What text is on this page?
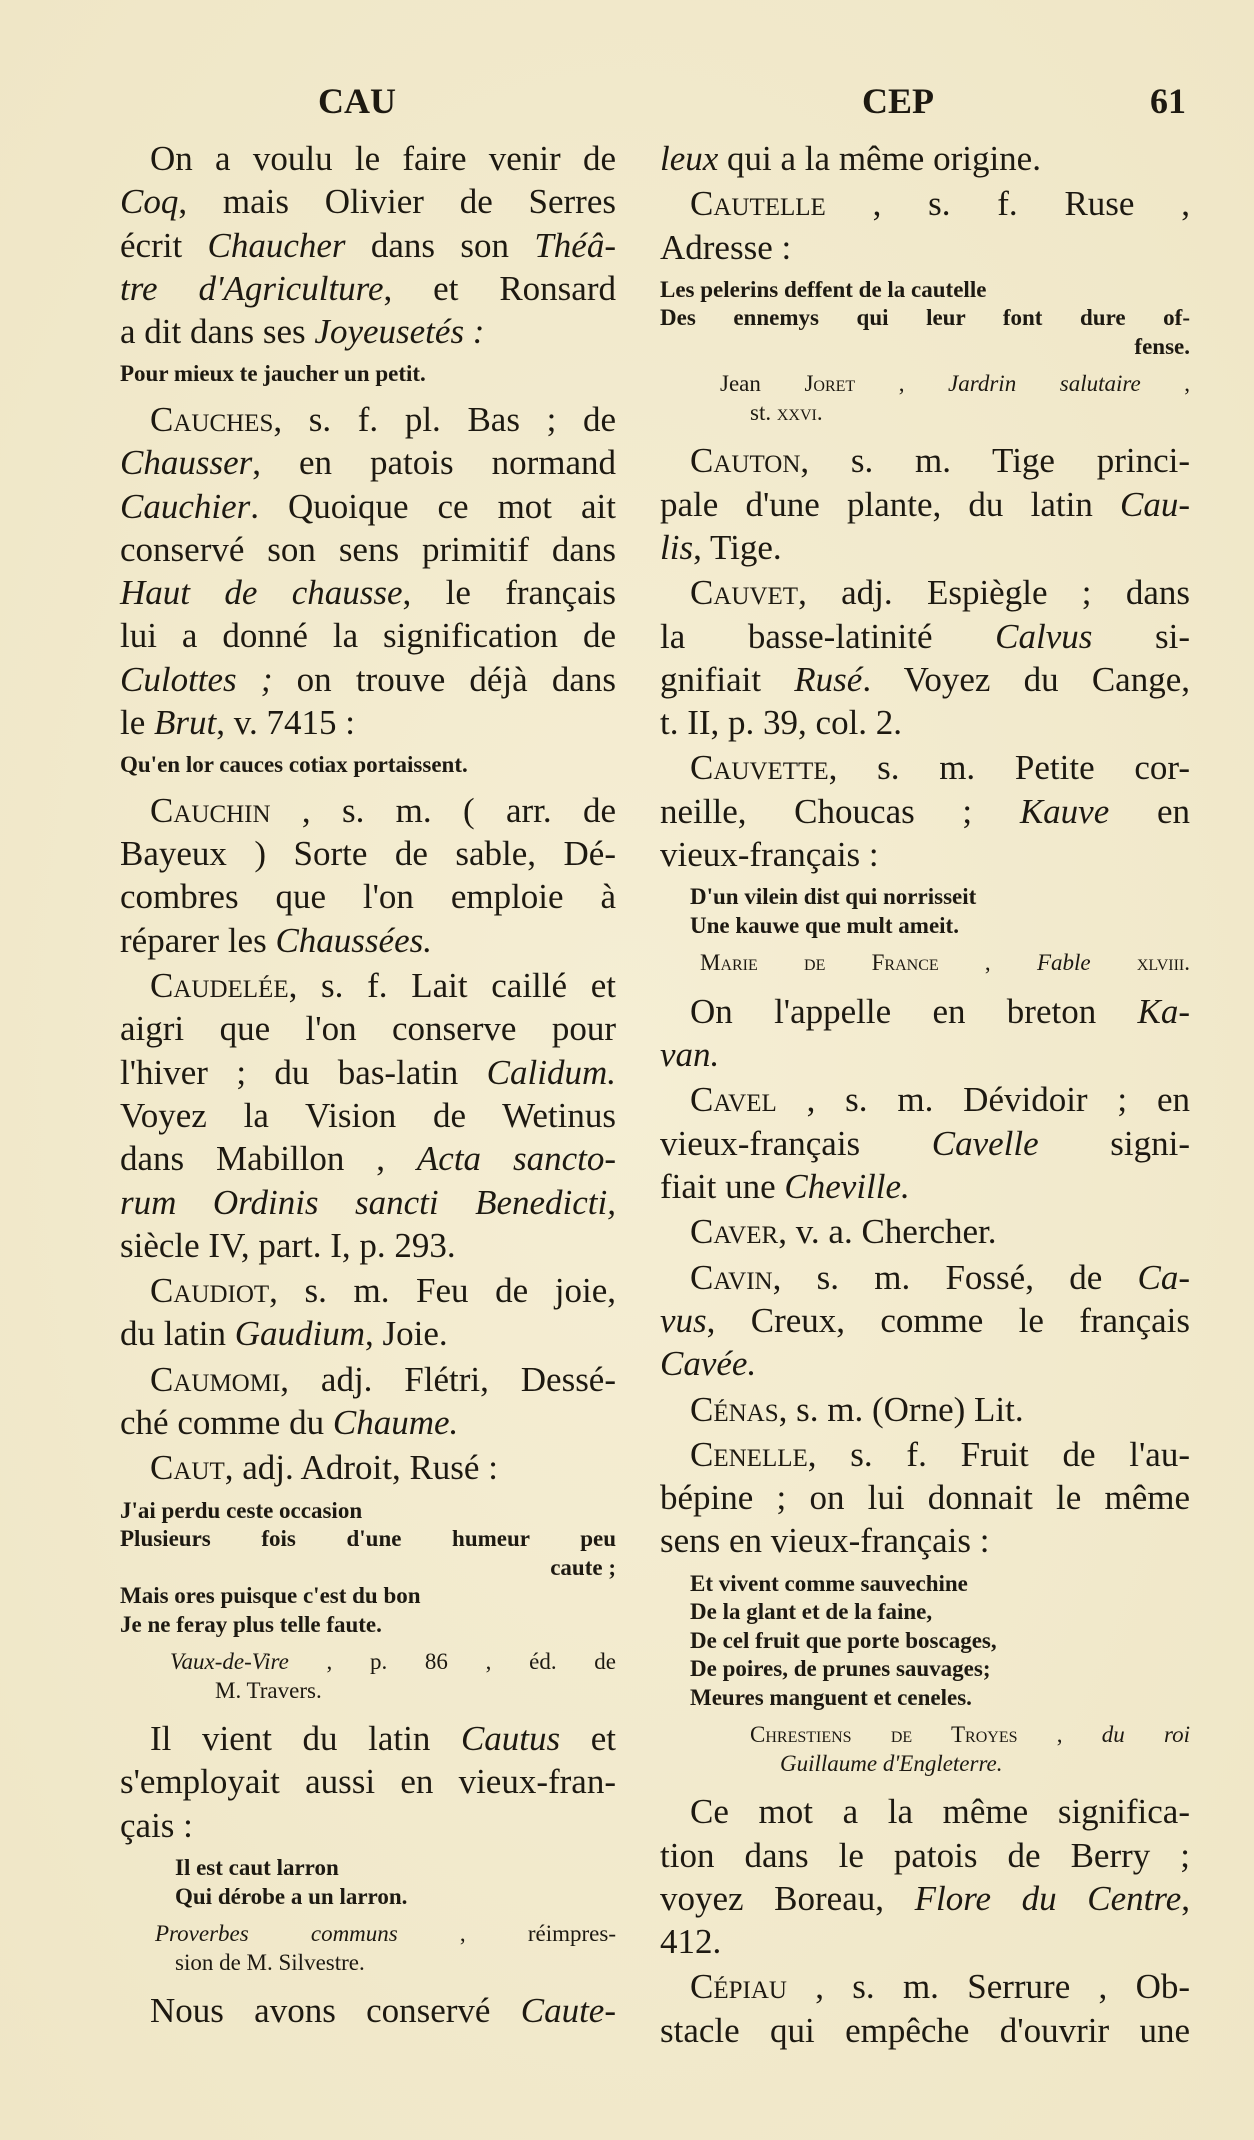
CAU	CEP	61
On a voulu le faire venir de
Coq, mais Olivier de Serres
écrit Chaucher dans son Théâ-
tre d'Agriculture, et Ronsard
a dit dans ses Joyeusetés :
Pour mieux te jaucher un petit.
Cauches, s. f. pl. Bas ; de
Chausser, en patois normand
Cauchier. Quoique ce mot ait
conservé son sens primitif dans
Haut de chausse, le français
lui a donné la signification de
Culottes ; on trouve déjà dans
le Brut, v. 7415 :
Qu'en lor cauces cotiax portaissent.
Cauchin , s. m. ( arr. de
Bayeux ) Sorte de sable, Dé-
combres que l'on emploie à
réparer les Chaussées.
Caudelée, s. f. Lait caillé et
aigri que l'on conserve pour
l'hiver ; du bas-latin Calidum.
Voyez la Vision de Wetinus
dans Mabillon , Acta sancto-
rum Ordinis sancti Benedicti,
siècle IV, part. I, p. 293.
Caudiot, s. m. Feu de joie,
du latin Gaudium, Joie.
Caumomi, adj. Flétri, Dessé-
ché comme du Chaume.
Caut, adj. Adroit, Rusé :
J'ai perdu ceste occasion
Plusieurs fois d'une humeur peu
caute ;
Mais ores puisque c'est du bon
Je ne feray plus telle faute.
Vaux-de-Vire , p. 86 , éd. de
M. Travers.
Il vient du latin Cautus et
s'employait aussi en vieux-fran-
çais :
Il est caut larron
Qui dérobe a un larron.
Proverbes communs , réimpres-
sion de M. Silvestre.
Nous avons conservé Caute-
leux qui a la même origine.
Cautelle , s. f. Ruse ,
Adresse :
Les pelerins deffent de la cautelle
Des ennemys qui leur font dure of-
fense.
Jean Joret , Jardrin salutaire ,
st. xxvi.
Cauton, s. m. Tige princi-
pale d'une plante, du latin Cau-
lis, Tige.
Cauvet, adj. Espiègle ; dans
la basse-latinité Calvus si-
gnifiait Rusé. Voyez du Cange,
t. II, p. 39, col. 2.
Cauvette, s. m. Petite cor-
neille, Choucas ; Kauve en
vieux-français :
D'un vilein dist qui norrisseit
Une kauwe que mult ameit.
Marie de France , Fable xlviii.
On l'appelle en breton Ka-
van.
Cavel , s. m. Dévidoir ; en
vieux-français Cavelle signi-
fiait une Cheville.
Caver, v. a. Chercher.
Cavin, s. m. Fossé, de Ca-
vus, Creux, comme le français
Cavée.
Cénas, s. m. (Orne) Lit.
Cenelle, s. f. Fruit de l'au-
bépine ; on lui donnait le même
sens en vieux-français :
Et vivent comme sauvechine
De la glant et de la faine,
De cel fruit que porte boscages,
De poires, de prunes sauvages;
Meures manguent et ceneles.
Chrestiens de Troyes , du roi
Guillaume d'Engleterre.
Ce mot a la même significa-
tion dans le patois de Berry ;
voyez Boreau, Flore du Centre,
412.
Cépiau , s. m. Serrure , Ob-
stacle qui empêche d'ouvrir une
